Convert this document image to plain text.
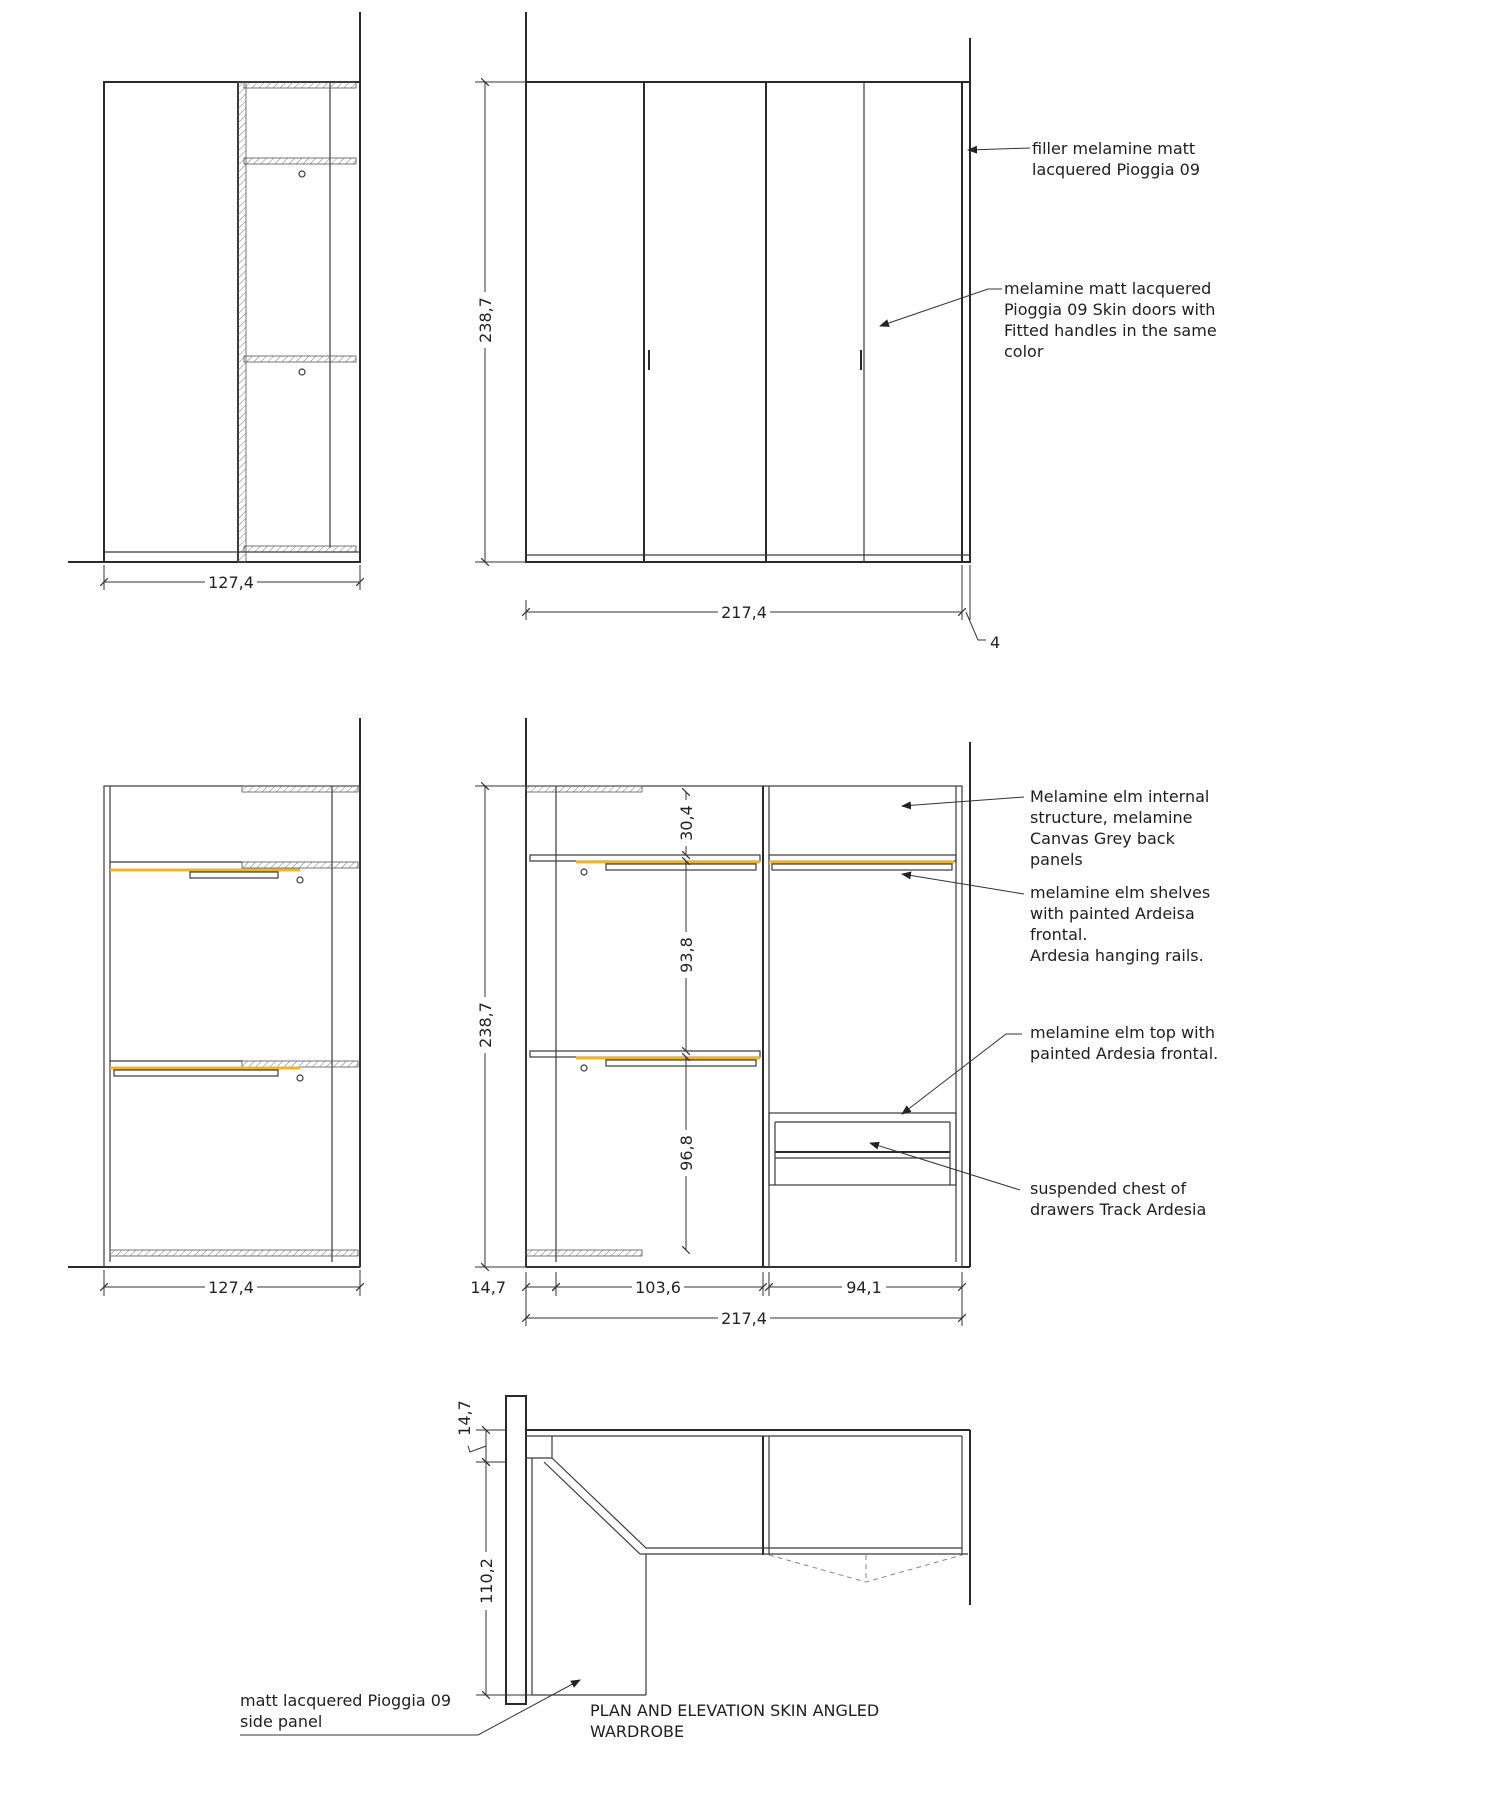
127,4
238,7
217,4
4
127,4
238,7
30,4
93,8
96,8
14,7	103,6	94,1
217,4
14,7
110,2

filler melamine matt
lacquered Pioggia 09

melamine matt lacquered
Pioggia 09 Skin doors with
Fitted handles in the same
color

Melamine elm internal
structure, melamine
Canvas Grey back
panels

melamine elm shelves
with painted Ardeisa
frontal.
Ardesia hanging rails.

melamine elm top with
painted Ardesia frontal.

suspended chest of
drawers Track Ardesia

matt lacquered Pioggia 09
side panel

PLAN AND ELEVATION SKIN ANGLED
WARDROBE
